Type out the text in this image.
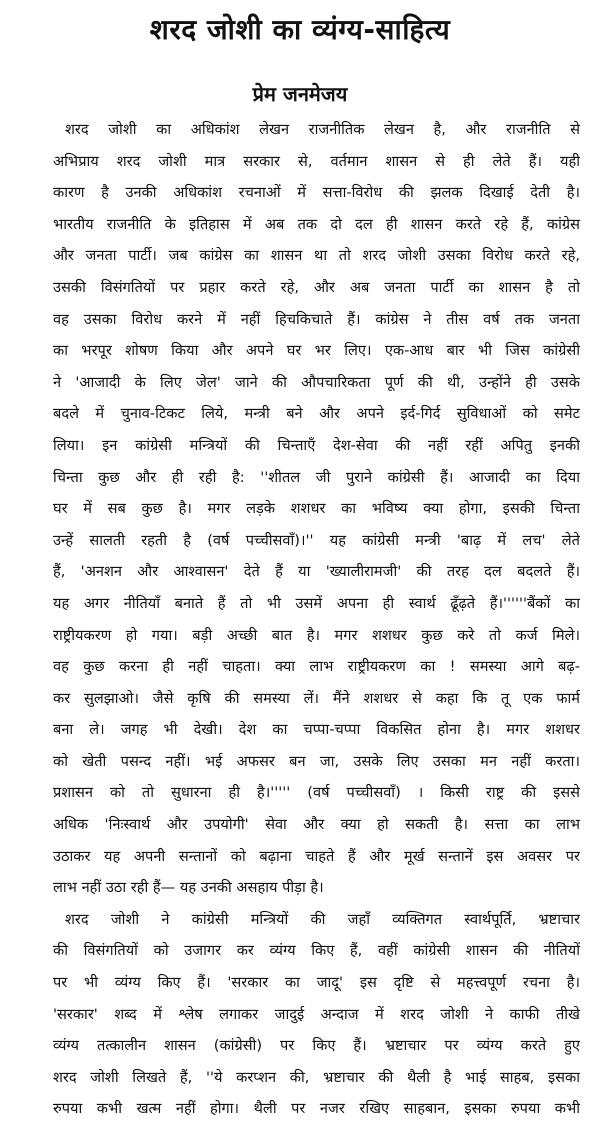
शरद जोशी का व्यंग्य-साहित्य
प्रेम जनमेजय
शरद जोशी का अधिकांश लेखन राजनीतिक लेखन है, और राजनीति से
अभिप्राय शरद जोशी मात्र सरकार से, वर्तमान शासन से ही लेते हैं। यही
कारण है उनकी अधिकांश रचनाओं में सत्ता-विरोध की झलक दिखाई देती है।
भारतीय राजनीति के इतिहास में अब तक दो दल ही शासन करते रहे हैं, कांग्रेस
और जनता पार्टी। जब कांग्रेस का शासन था तो शरद जोशी उसका विरोध करते रहे,
उसकी विसंगतियों पर प्रहार करते रहे, और अब जनता पार्टी का शासन है तो
वह उसका विरोध करने में नहीं हिचकिचाते हैं। कांग्रेस ने तीस वर्ष तक जनता
का भरपूर शोषण किया और अपने घर भर लिए। एक-आध बार भी जिस कांग्रेसी
ने 'आजादी के लिए जेल' जाने की औपचारिकता पूर्ण की थी, उन्होंने ही उसके
बदले में चुनाव-टिकट लिये, मन्त्री बने और अपने इर्द-गिर्द सुविधाओं को समेट
लिया। इन कांग्रेसी मन्त्रियों की चिन्ताएँ देश-सेवा की नहीं रहीं अपितु इनकी
चिन्ता कुछ और ही रही है: ''शीतल जी पुराने कांग्रेसी हैं। आजादी का दिया
घर में सब कुछ है। मगर लड़के शशधर का भविष्य क्या होगा, इसकी चिन्ता
उन्हें सालती रहती है (वर्ष पच्चीसवाँ)।'' यह कांग्रेसी मन्त्री 'बाढ़ में लच' लेते
हैं, 'अनशन और आश्वासन' देते हैं या 'ख्यालीरामजी' की तरह दल बदलते हैं।
यह अगर नीतियाँ बनाते हैं तो भी उसमें अपना ही स्वार्थ ढूँढ़ते हैं।''''''बैंकों का
राष्ट्रीयकरण हो गया। बड़ी अच्छी बात है। मगर शशधर कुछ करे तो कर्ज मिले।
वह कुछ करना ही नहीं चाहता। क्या लाभ राष्ट्रीयकरण का ! समस्या आगे बढ़-
कर सुलझाओ। जैसे कृषि की समस्या लें। मैंने शशधर से कहा कि तू एक फार्म
बना ले। जगह भी देखी। देश का चप्पा-चप्पा विकसित होना है। मगर शशधर
को खेती पसन्द नहीं। भई अफसर बन जा, उसके लिए उसका मन नहीं करता।
प्रशासन को तो सुधारना ही है।''''' (वर्ष पच्चीसवाँ) । किसी राष्ट्र की इससे
अधिक 'निःस्वार्थ और उपयोगी' सेवा और क्या हो सकती है। सत्ता का लाभ
उठाकर यह अपनी सन्तानों को बढ़ाना चाहते हैं और मूर्ख सन्तानें इस अवसर पर
लाभ नहीं उठा रही हैं— यह उनकी असहाय पीड़ा है।
शरद जोशी ने कांग्रेसी मन्त्रियों की जहाँ व्यक्तिगत स्वार्थपूर्ति, भ्रष्टाचार
की विसंगतियों को उजागर कर व्यंग्य किए हैं, वहीं कांग्रेसी शासन की नीतियों
पर भी व्यंग्य किए हैं। 'सरकार का जादू' इस दृष्टि से महत्त्वपूर्ण रचना है।
'सरकार' शब्द में श्लेष लगाकर जादुई अन्दाज में शरद जोशी ने काफी तीखे
व्यंग्य तत्कालीन शासन (कांग्रेसी) पर किए हैं। भ्रष्टाचार पर व्यंग्य करते हुए
शरद जोशी लिखते हैं, ''ये करप्शन की, भ्रष्टाचार की थैली है भाई साहब, इसका
रुपया कभी खत्म नहीं होगा। थैली पर नजर रखिए साहबान, इसका रुपया कभी
